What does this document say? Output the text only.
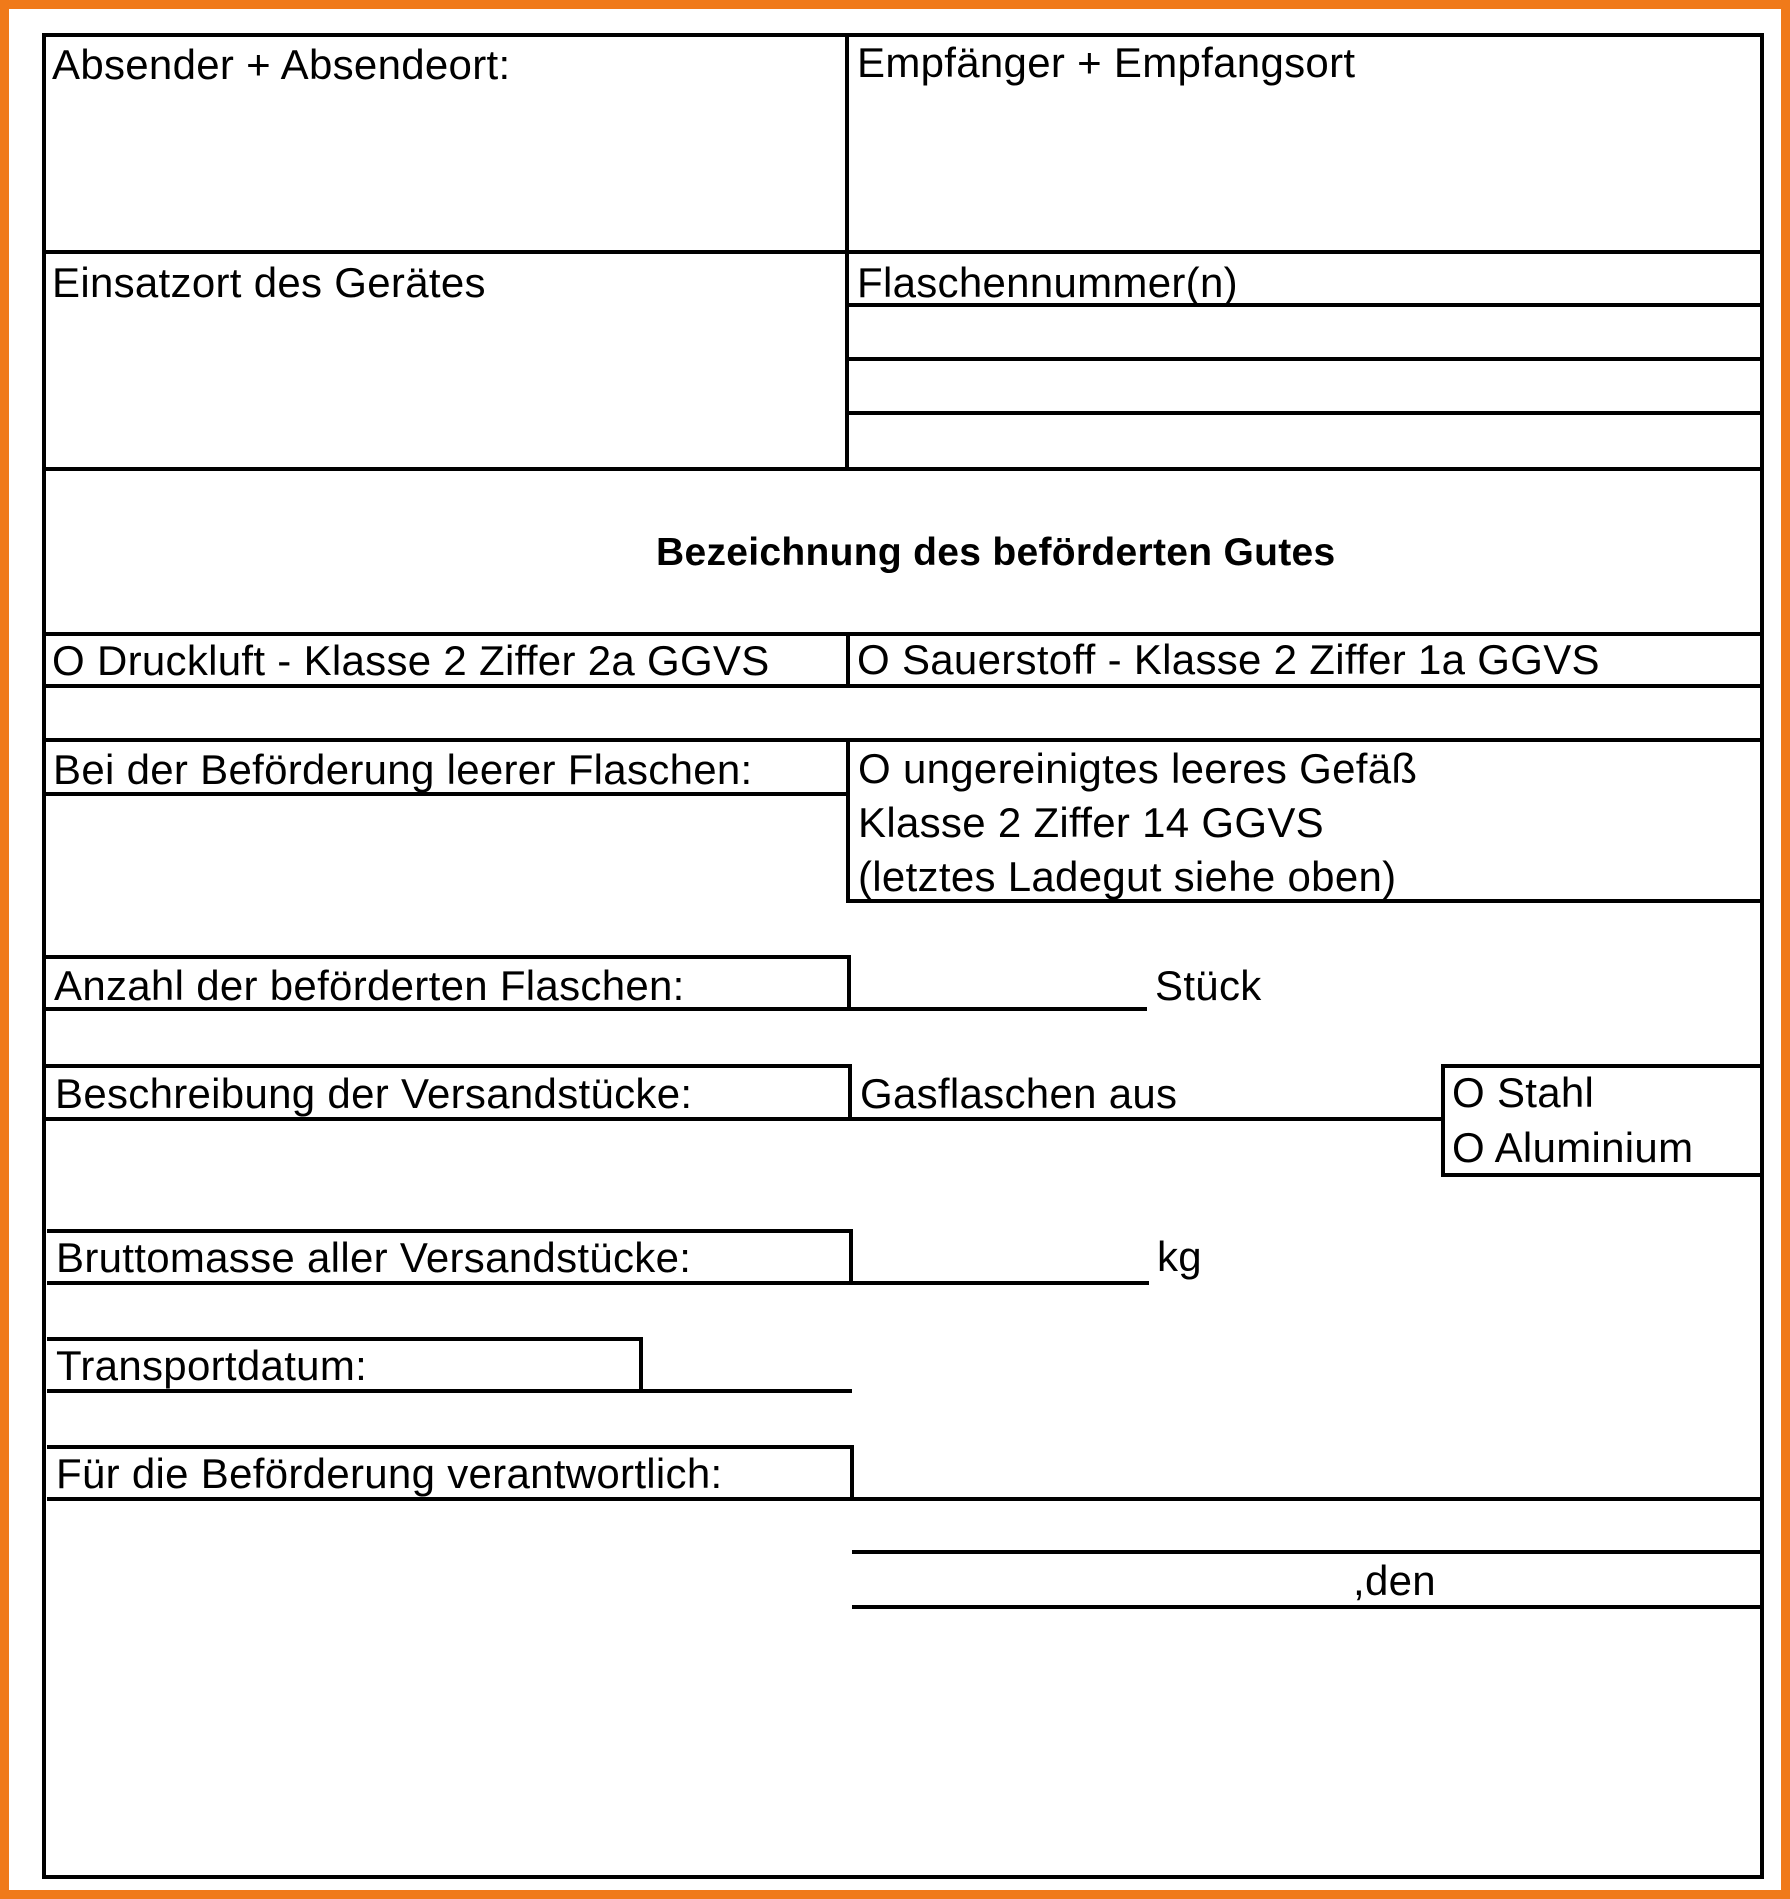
Absender + Absendeort:	Empfänger + Empfangsort
Einsatzort des Gerätes	Flaschennummer(n)
Bezeichnung des beförderten Gutes
O Druckluft - Klasse 2 Ziffer 2a GGVS O Sauerstoff - Klasse 2 Ziffer 1a GGVS
Bei der Beförderung leerer Flaschen:	O ungereinigtes leeres Gefäß
Klasse 2 Ziffer 14 GGVS
(letztes Ladegut siehe oben)
Anzahl der beförderten Flaschen:	Stück
Beschreibung der Versandstücke:	Gasflaschen aus	O Stahl
O Aluminium
Bruttomasse aller Versandstücke:	kg
Transportdatum:
Für die Beförderung verantwortlich:
,den
